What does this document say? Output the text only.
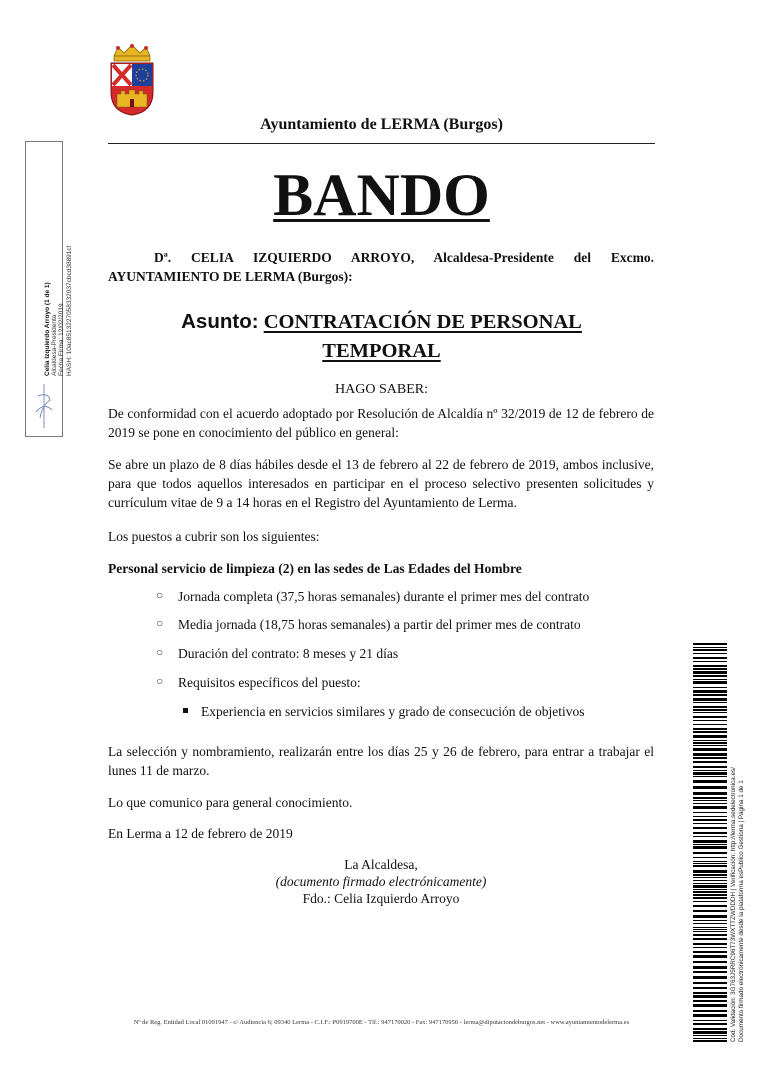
Ayuntamiento de LERMA (Burgos)
BANDO
Dª. CELIA IZQUIERDO ARROYO, Alcaldesa-Presidente del Excmo. AYUNTAMIENTO DE LERMA (Burgos):
Asunto: CONTRATACIÓN DE PERSONAL TEMPORAL
HAGO SABER:
De conformidad con el acuerdo adoptado por Resolución de Alcaldía nº 32/2019 de 12 de febrero de 2019 se pone en conocimiento del público en general:
Se abre un plazo de 8 días hábiles desde el 13 de febrero al 22 de febrero de 2019, ambos inclusive, para que todos aquellos interesados en participar en el proceso selectivo presenten solicitudes y currículum vitae de 9 a 14 horas en el Registro del Ayuntamiento de Lerma.
Los puestos a cubrir son los siguientes:
Personal servicio de limpieza (2) en las sedes de Las Edades del Hombre
○ Jornada completa (37,5 horas semanales) durante el primer mes del contrato
○ Media jornada (18,75 horas semanales) a partir del primer mes de contrato
○ Duración del contrato: 8 meses y 21 días
○ Requisitos específicos del puesto:
Experiencia en servicios similares y grado de consecución de objetivos
La selección y nombramiento, realizarán entre los días 25 y 26 de febrero, para entrar a trabajar el lunes 11 de marzo.
Lo que comunico para general conocimiento.
En Lerma a 12 de febrero de 2019
La Alcaldesa,
(documento firmado electrónicamente)
Fdo.: Celia Izquierdo Arroyo
Nº de Reg. Entidad Local 01091947 - c/ Audiencia 6; 09340 Lerma - C.I.F.: P0919700E - Tlf.: 947170020 - Fax: 947170950 - lerma@diputaciondeburgos.net - www.ayuntamientodelerma.es
Celia Izquierdo Arroyo (1 de 1) Alcaldesa-Presidenta Fecha Firma: 12/02/2019 HASH: 10ac8513227058332037cbcd38891cf
Cód. Validación: 3G763J5RRC96T73WXTTZWDDDH | Verificación: http://lerma.sedelectronica.es/ Documento firmado electrónicamente desde la plataforma esPublico Gestiona | Página 1 de 1
